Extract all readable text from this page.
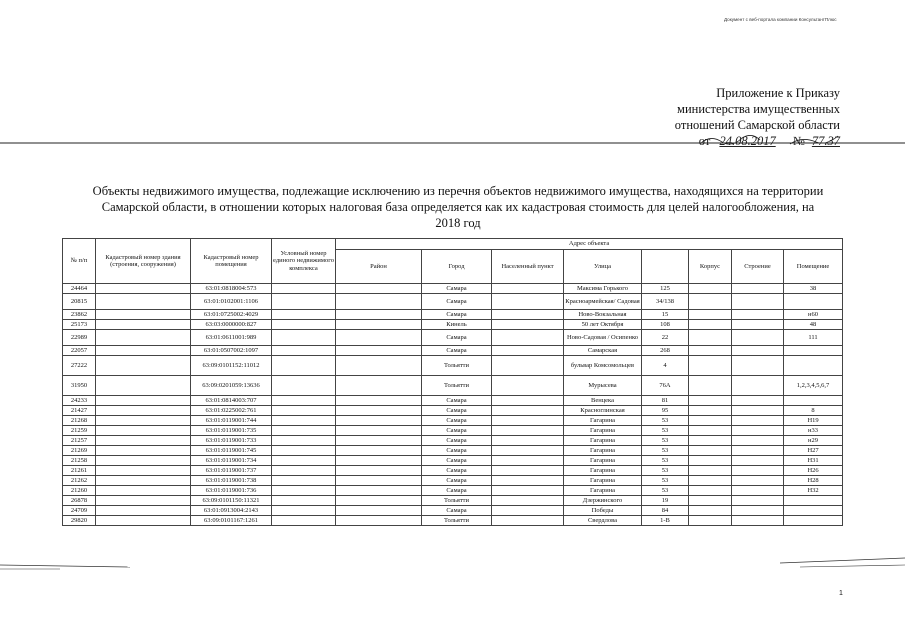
Документ с веб-портала компании КонсультантПлюс
Приложение к Приказу
министерства имущественных
отношений Самарской области
от 24.08.2017 № 77.37
Объекты недвижимого имущества, подлежащие исключению из перечня объектов недвижимого имущества, находящихся на территории Самарской области, в отношении которых налоговая база определяется как их кадастровая стоимость для целей налогообложения, на 2018 год
№ п/п	Кадастровый номер здания (строения, сооружения)	Кадастровый номер помещения	Условный номер единого недвижимого комплекса	Адрес объекта							
				Район	Город	Населенный пункт	Улица		Корпус	Строение	Помещение
24464		63:01:0818004:573			Самара		Максима Горького	125			38
20815		63:01:0102001:1106			Самара		Красноармейская/ Садовая	34/138			
23862		63:01:0725002:4029			Самара		Ново-Вокзальная	15			н60
25173		63:03:0000000:827			Кинель		50 лет Октября	108			48
22989		63:01:0611001:989			Самара		Ново-Садовая / Осипенко	22			111
22057		63:01:0507002:1097			Самара		Самарская	268			
27222		63:09:0101152:11012			Тольятти		бульвар Комсомольцев	4			
31950		63:09:0201059:13636			Тольятти		Мурысева	76А			1,2,3,4,5,6,7
24233		63:01:0814003:707			Самара		Венцека	81			
21427		63:01:0225002:761			Самара		Красноглинская	95			8
21268		63:01:0119001:744			Самара		Гагарина	53			Н19
21259		63:01:0119001:735			Самара		Гагарина	53			н33
21257		63:01:0119001:733			Самара		Гагарина	53			н29
21269		63:01:0119001:745			Самара		Гагарина	53			Н27
21258		63:01:0119001:734			Самара		Гагарина	53			Н31
21261		63:01:0119001:737			Самара		Гагарина	53			Н26
21262		63:01:0119001:738			Самара		Гагарина	53			Н28
21260		63:01:0119001:736			Самара		Гагарина	53			Н32
26878		63:09:0101150:11321			Тольятти		Дзержинского	19			
24709		63:01:0913004:2143			Самара		Победы	84			
29820		63:09:0101167:1261			Тольятти		Свердлова	1-В			
1
